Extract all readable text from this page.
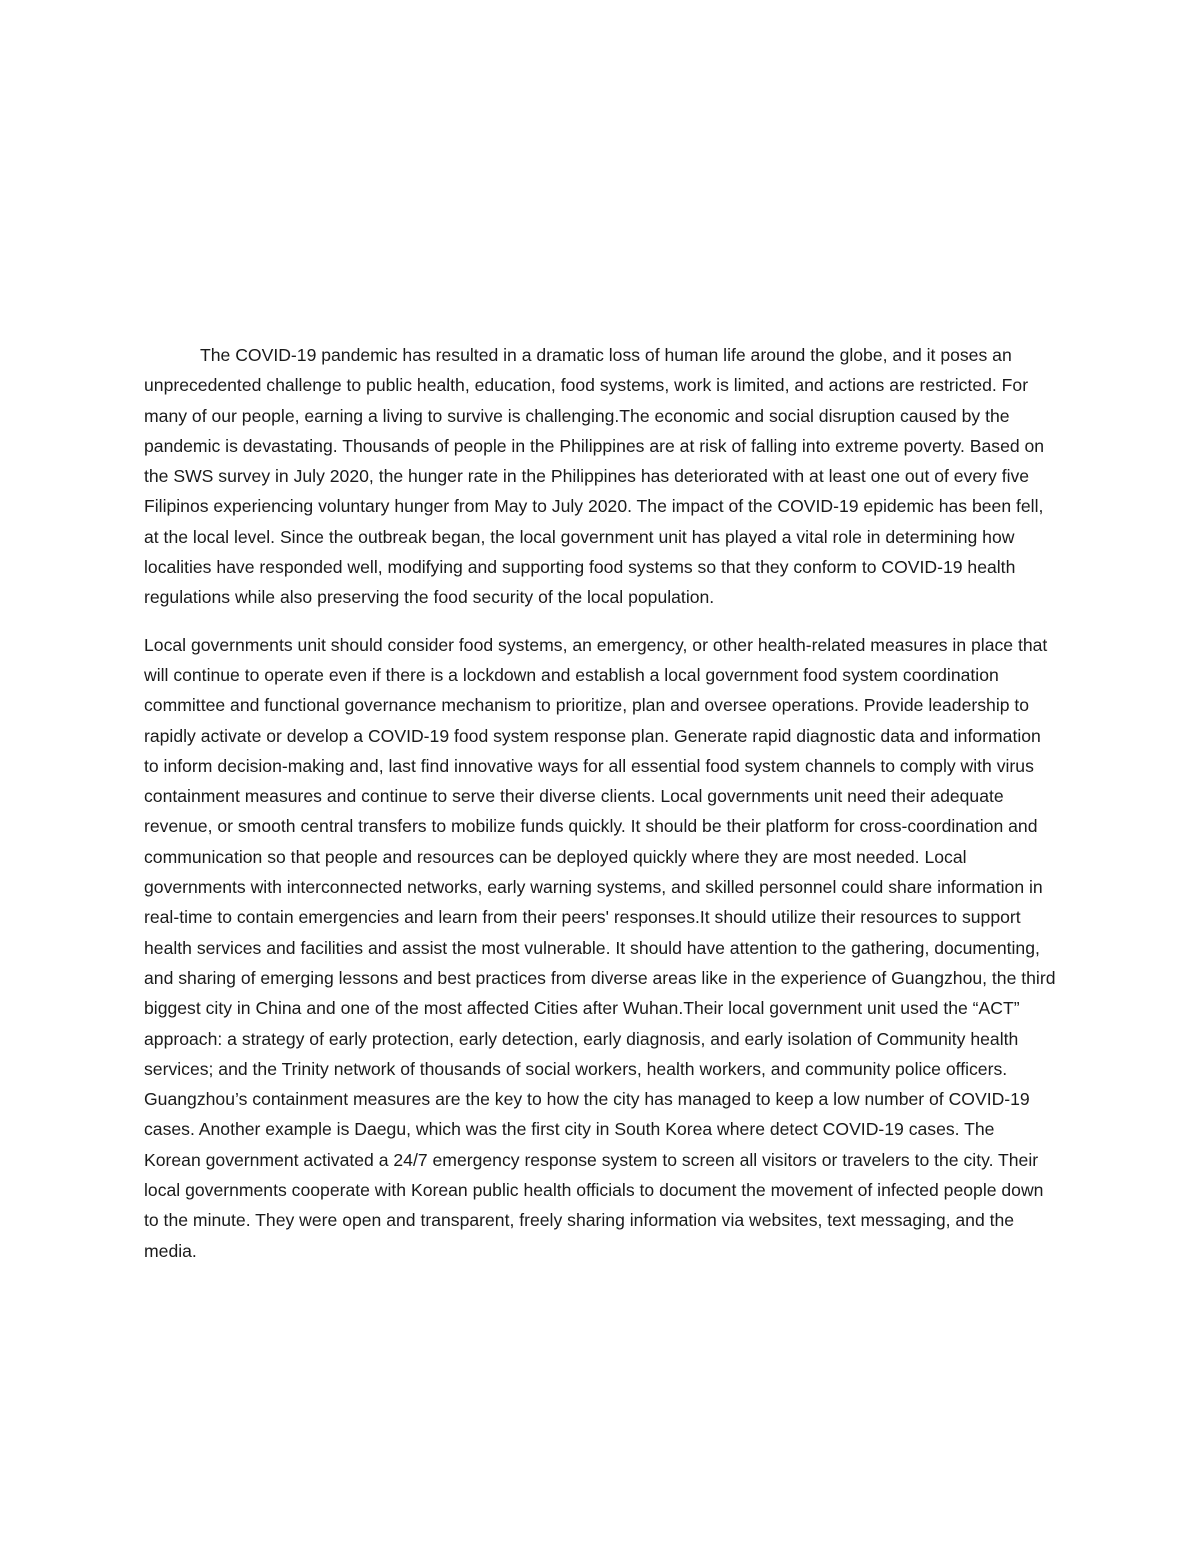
The COVID-19 pandemic has resulted in a dramatic loss of human life around the globe, and it poses an unprecedented challenge to public health, education, food systems, work is limited, and actions are restricted. For many of our people, earning a living to survive is challenging.The economic and social disruption caused by the pandemic is devastating. Thousands of people in the Philippines are at risk of falling into extreme poverty. Based on the SWS survey in July 2020, the hunger rate in the Philippines has deteriorated with at least one out of every five Filipinos experiencing voluntary hunger from May to July 2020. The impact of the COVID-19 epidemic has been fell, at the local level. Since the outbreak began, the local government unit has played a vital role in determining how localities have responded well, modifying and supporting food systems so that they conform to COVID-19 health regulations while also preserving the food security of the local population.

Local governments unit should consider food systems, an emergency, or other health-related measures in place that will continue to operate even if there is a lockdown and establish a local government food system coordination committee and functional governance mechanism to prioritize, plan and oversee operations. Provide leadership to rapidly activate or develop a COVID-19 food system response plan. Generate rapid diagnostic data and information to inform decision-making and, last find innovative ways for all essential food system channels to comply with virus containment measures and continue to serve their diverse clients. Local governments unit need their adequate revenue, or smooth central transfers to mobilize funds quickly. It should be their platform for cross-coordination and communication so that people and resources can be deployed quickly where they are most needed. Local governments with interconnected networks, early warning systems, and skilled personnel could share information in real-time to contain emergencies and learn from their peers' responses.It should utilize their resources to support health services and facilities and assist the most vulnerable. It should have attention to the gathering, documenting, and sharing of emerging lessons and best practices from diverse areas like in the experience of Guangzhou, the third biggest city in China and one of the most affected Cities after Wuhan.Their local government unit used the “ACT” approach: a strategy of early protection, early detection, early diagnosis, and early isolation of Community health services; and the Trinity network of thousands of social workers, health workers, and community police officers. Guangzhou’s containment measures are the key to how the city has managed to keep a low number of COVID-19 cases. Another example is Daegu, which was the first city in South Korea where detect COVID-19 cases. The Korean government activated a 24/7 emergency response system to screen all visitors or travelers to the city. Their local governments cooperate with Korean public health officials to document the movement of infected people down to the minute. They were open and transparent, freely sharing information via websites, text messaging, and the media.
